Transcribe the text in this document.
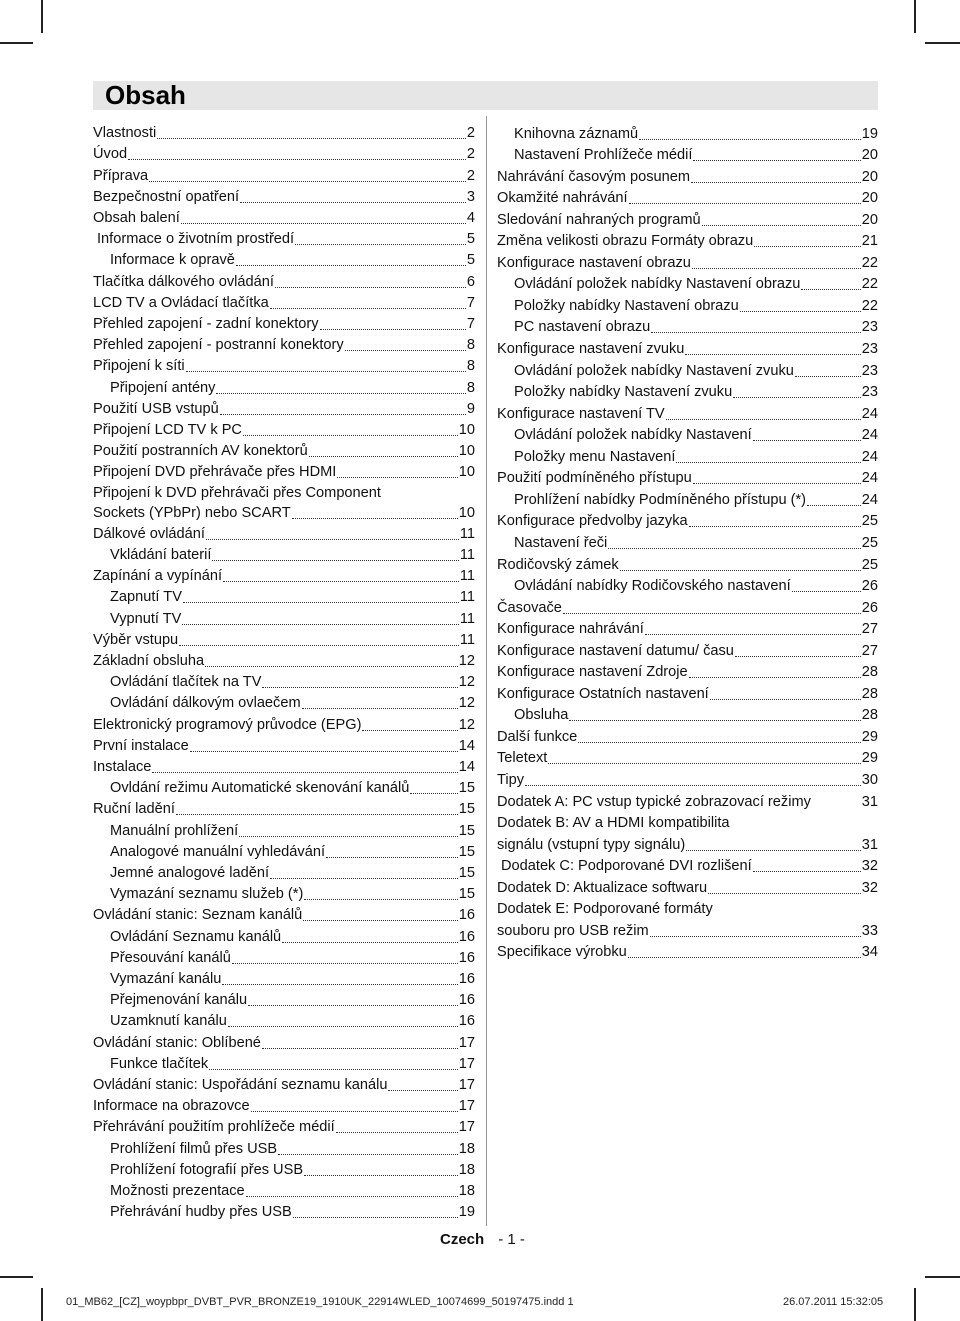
Obsah
Vlastnosti	2
Úvod	2
Příprava	2
Bezpečnostní opatření	3
Obsah balení	4
Informace o životním prostředí	5
Informace k opravě	5
Tlačítka dálkového ovládání	6
LCD TV a Ovládací tlačítka	7
Přehled zapojení - zadní konektory	7
Přehled zapojení - postranní konektory	8
Připojení k síti	8
Připojení antény	8
Použití USB vstupů	9
Připojení LCD TV k PC	10
Použití postranních AV konektorů	10
Připojení DVD přehrávače přes HDMI	10
Připojení k DVD přehrávači přes Component
Sockets (YPbPr) nebo SCART	10
Dálkové ovládání	11
Vkládání baterií	11
Zapínání a vypínání	11
Zapnutí TV	11
Vypnutí TV	11
Výběr vstupu	11
Základní obsluha	12
Ovládání tlačítek na TV	12
Ovládání dálkovým ovlaečem	12
Elektronický programový průvodce (EPG)	12
První instalace	14
Instalace	14
Ovldání režimu Automatické skenování kanálů	15
Ruční ladění	15
Manuální prohlížení	15
Analogové manuální vyhledávání	15
Jemné analogové ladění	15
Vymazání seznamu služeb (*)	15
Ovládání stanic: Seznam kanálů	16
Ovládání Seznamu kanálů	16
Přesouvání kanálů	16
Vymazání kanálu	16
Přejmenování kanálu	16
Uzamknutí kanálu	16
Ovládání stanic: Oblíbené	17
Funkce tlačítek	17
Ovládání stanic: Uspořádání seznamu kanálu	17
Informace na obrazovce	17
Přehrávání použitím prohlížeče médií	17
Prohlížení filmů přes USB	18
Prohlížení fotografií přes USB	18
Možnosti prezentace	18
Přehrávání hudby přes USB	19
Knihovna záznamů	19
Nastavení Prohlížeče médií	20
Nahrávání časovým posunem	20
Okamžité nahrávání	20
Sledování nahraných programů	20
Změna velikosti obrazu Formáty obrazu	21
Konfigurace nastavení obrazu	22
Ovládání položek nabídky Nastavení obrazu	22
Položky nabídky Nastavení obrazu	22
PC nastavení obrazu	23
Konfigurace nastavení zvuku	23
Ovládání položek nabídky Nastavení zvuku	23
Položky nabídky Nastavení zvuku	23
Konfigurace nastavení TV	24
Ovládání položek nabídky Nastavení	24
Položky menu Nastavení	24
Použití podmíněného přístupu	24
Prohlížení nabídky Podmíněného přístupu (*)	24
Konfigurace předvolby jazyka	25
Nastavení řeči	25
Rodičovský zámek	25
Ovládání nabídky Rodičovského nastavení	26
Časovače	26
Konfigurace nahrávání	27
Konfigurace nastavení datumu/ času	27
Konfigurace nastavení Zdroje	28
Konfigurace Ostatních nastavení	28
Obsluha	28
Další funkce	29
Teletext	29
Tipy	30
Dodatek A: PC vstup typické zobrazovací režimy	31
Dodatek B: AV a HDMI kompatibilita
signálu (vstupní typy signálu)	31
Dodatek C: Podporované DVI rozlišení	32
Dodatek D: Aktualizace softwaru	32
Dodatek E: Podporované formáty
souboru pro USB režim	33
Specifikace výrobku	34
Czech - 1 -
01_MB62_[CZ]_woypbpr_DVBT_PVR_BRONZE19_1910UK_22914WLED_10074699_50197475.indd 1	26.07.2011 15:32:05
